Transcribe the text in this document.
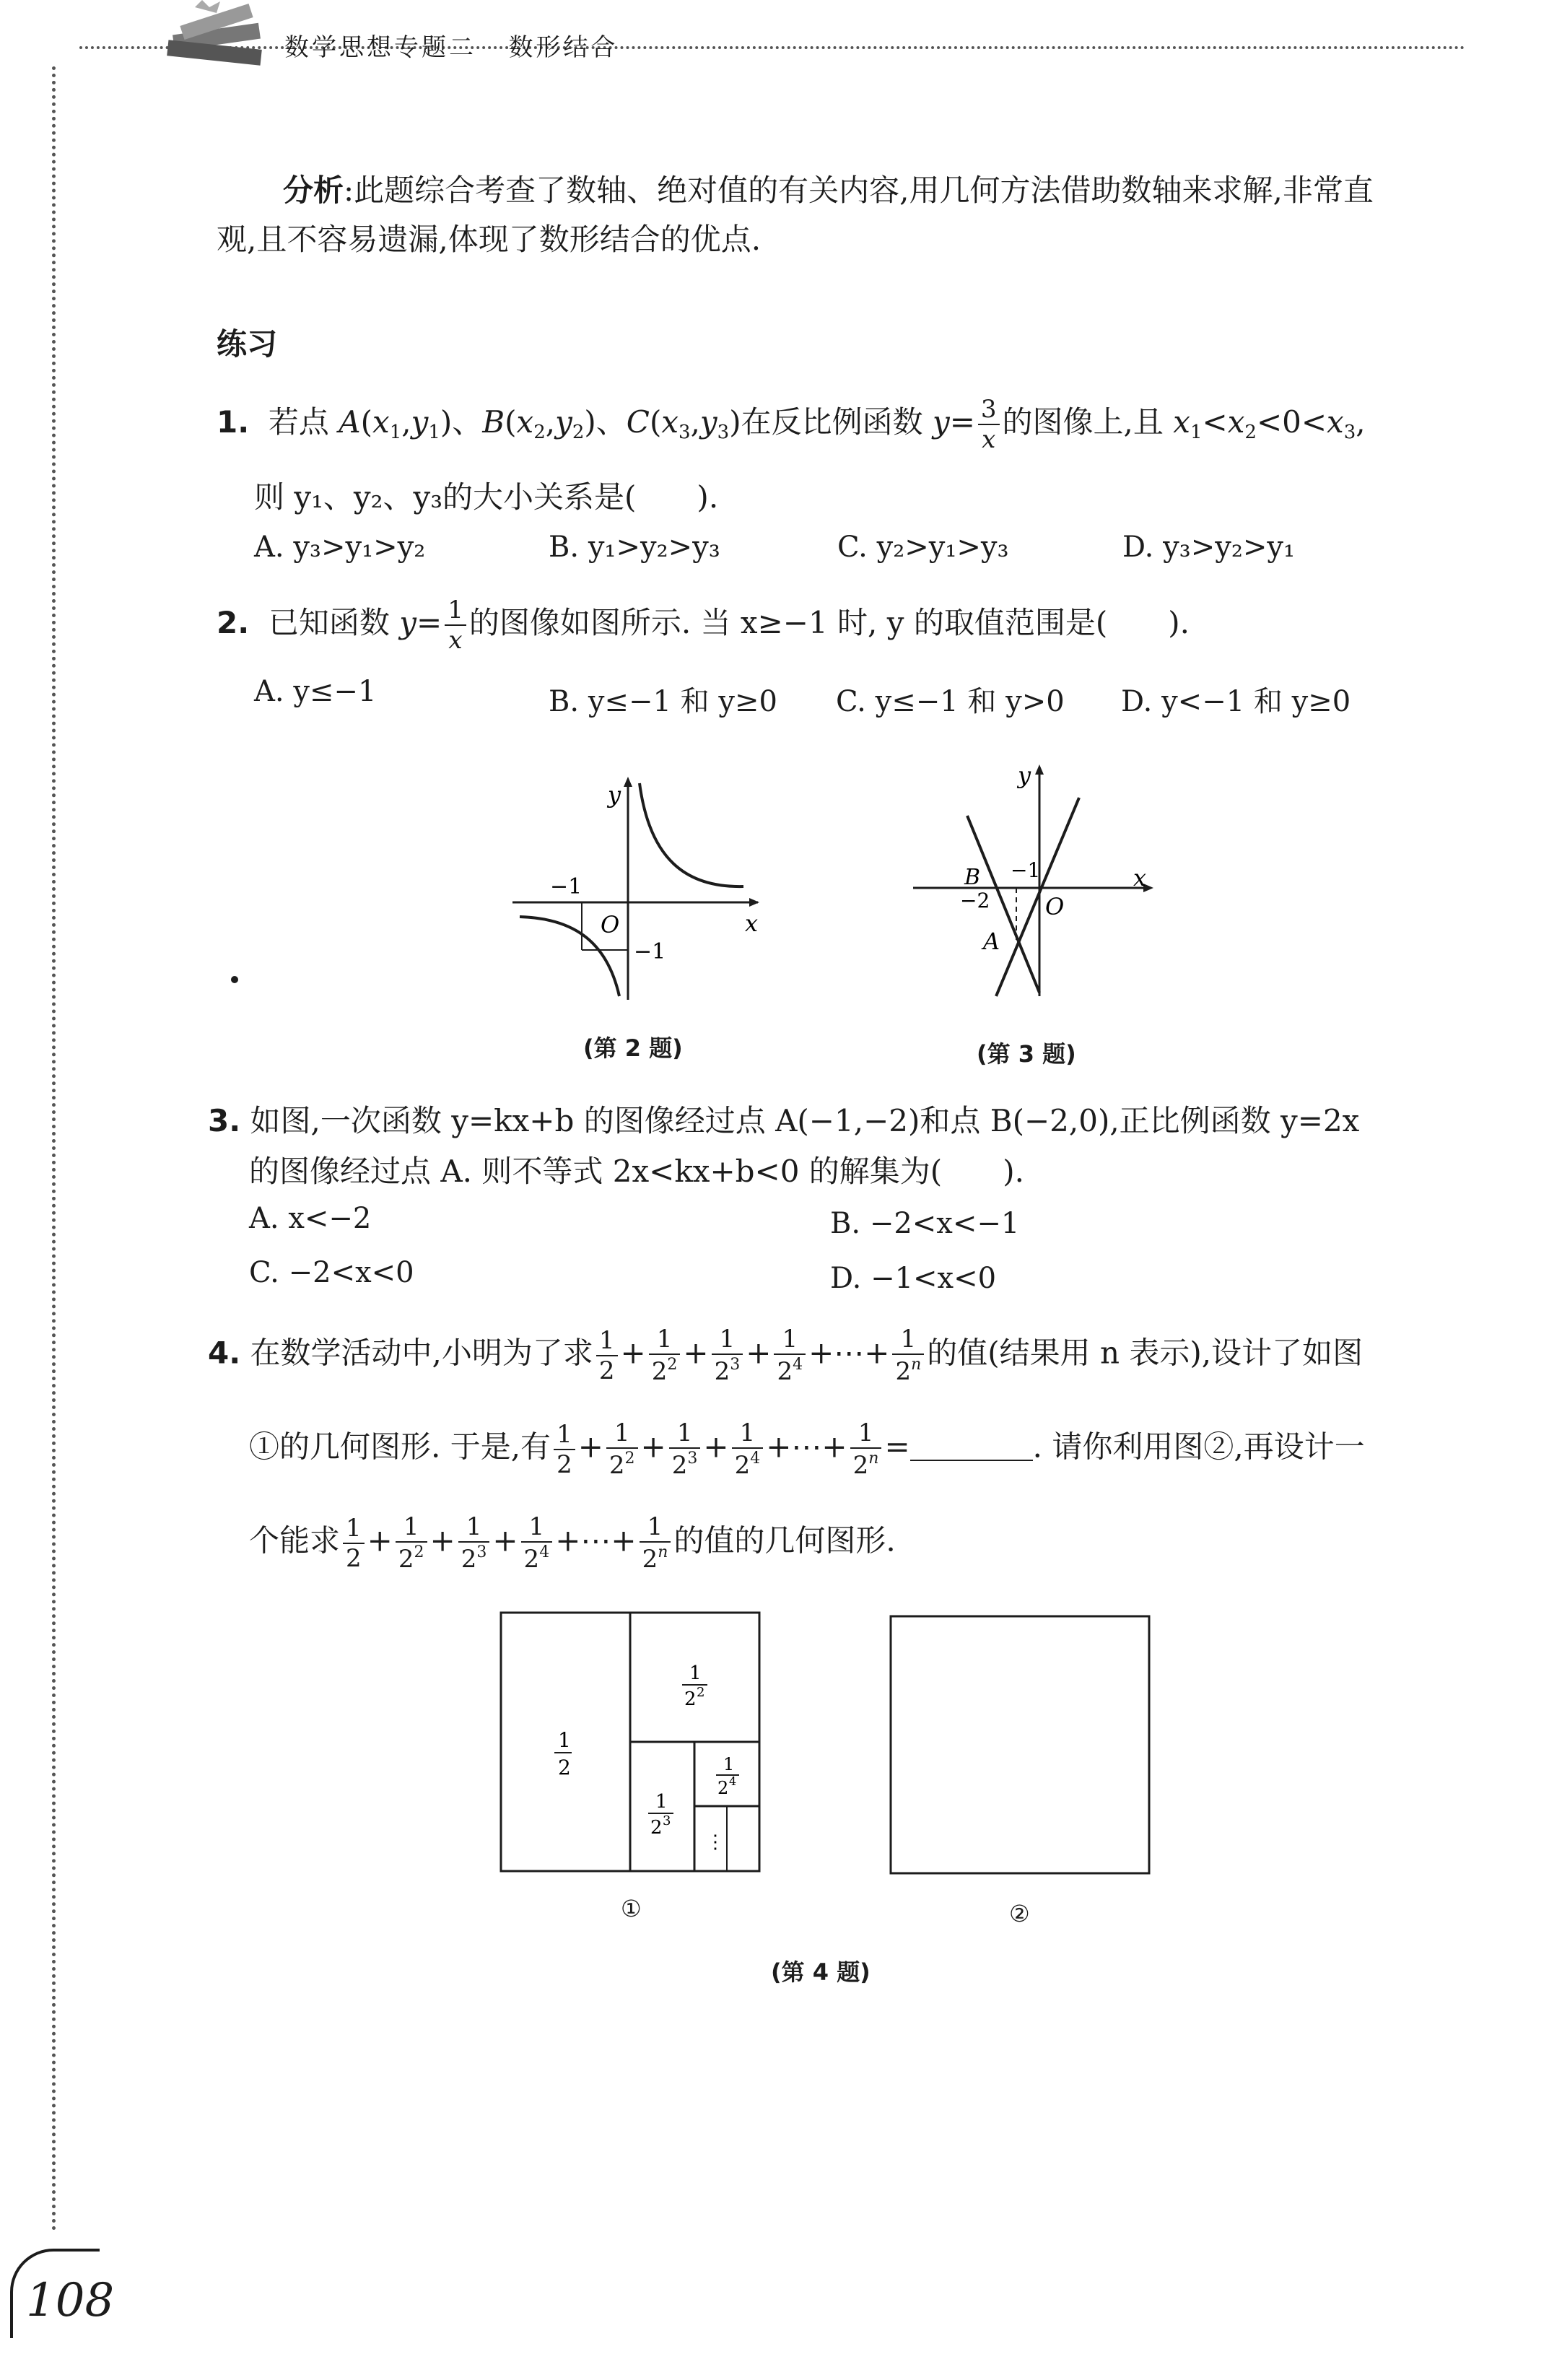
数学思想专题二 数形结合
分析:此题综合考查了数轴、绝对值的有关内容,用几何方法借助数轴来求解,非常直
观,且不容易遗漏,体现了数形结合的优点.
练习
1. 若点 $A(x_1,y_1)$、$B(x_2,y_2)$、$C(x_3,y_3)$在反比例函数 $y= \frac{3}{x}$ 的图像上,且 $x_1<x_2<0<x_3$,
则 y₁、y₂、y₃的大小关系是(　　).
A. y₃>y₁>y₂	B. y₁>y₂>y₃	C. y₂>y₁>y₃	D. y₃>y₂>y₁
2. 已知函数 $y= \frac{1}{x}$ 的图像如图所示. 当 x≥−1 时, y 的取值范围是(　　).
A. y≤−1	B. y≤−1 和 y≥0 C. y≤−1 和 y>0 D. y<−1 和 y≥0
y
x
O
−1
−1
(第 2 题)
y
x
O
B
A
−2
−1
(第 3 题)
3. 如图,一次函数 y=kx+b 的图像经过点 A(−1,−2)和点 B(−2,0),正比例函数 y=2x
的图像经过点 A. 则不等式 2x<kx+b<0 的解集为(　　).
A. x<−2	B. −2<x<−1
C. −2<x<0	D. −1<x<0
4. 在数学活动中,小明为了求 $\frac{1}{2} + \frac{1}{2^2} + \frac{1}{2^3} + \frac{1}{2^4}$ +⋯+ $\frac{1}{2^n}$ 的值(结果用 n 表示),设计了如图
①的几何图形. 于是,有 $\frac{1}{2} + \frac{1}{2^2} + \frac{1}{2^3} + \frac{1}{2^4}$ +⋯+ $\frac{1}{2^n}$ =	. 请你利用图②,再设计一
个能求 $\frac{1}{2} + \frac{1}{2^2} + \frac{1}{2^3} + \frac{1}{2^4}$ +⋯+ $\frac{1}{2^n}$ 的值的几何图形.
1
2
1
2 2
1
2 3
1
2 4
⋮
①	②
(第 4 题)
108
